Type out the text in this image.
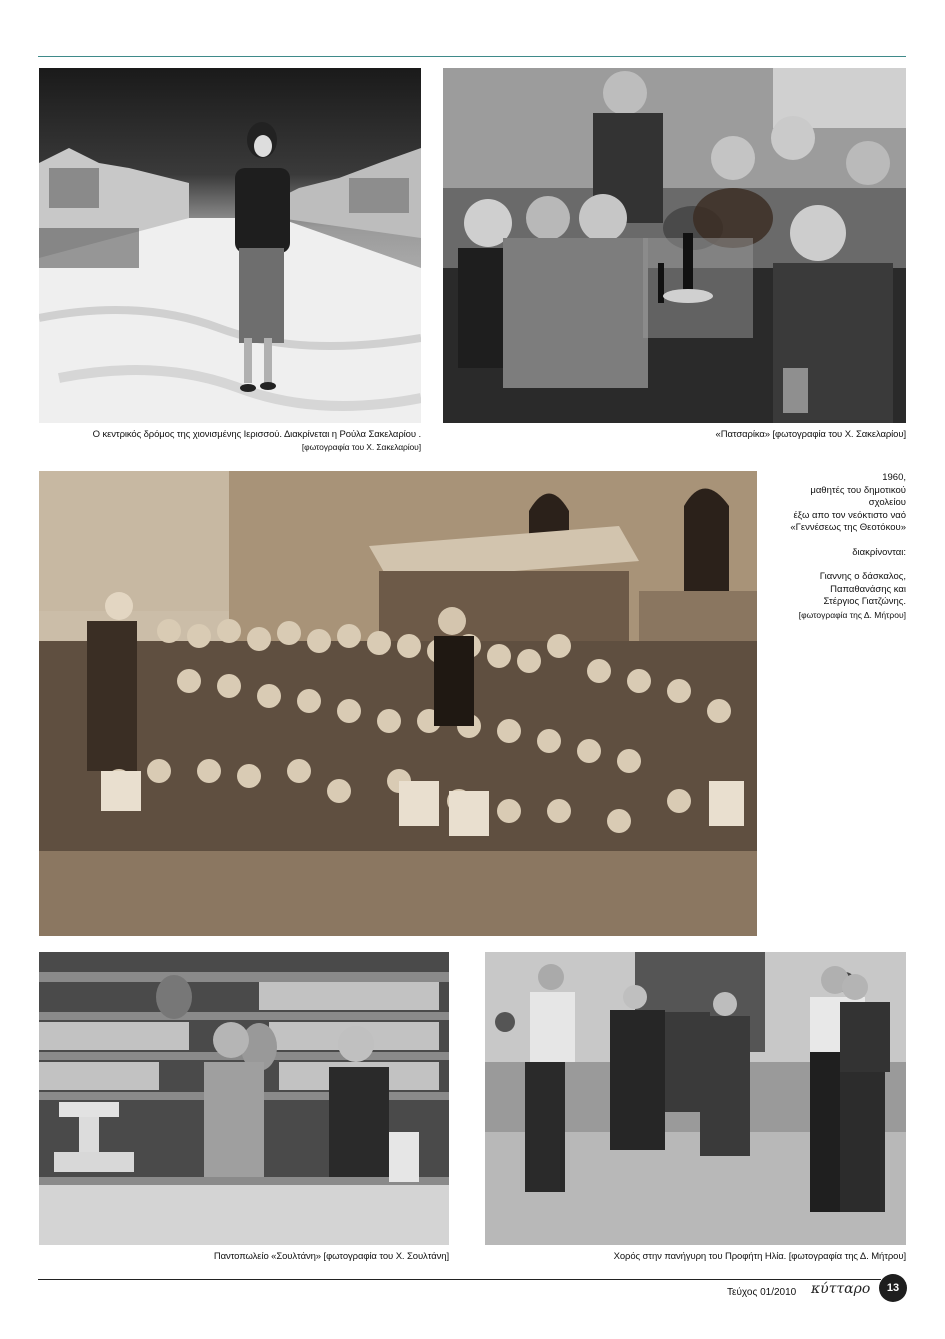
Ο κεντρικός δρόμος της χιονισμένης Ιερισσού. Διακρίνεται η Ρούλα Σακελαρίου .
[φωτογραφία του Χ. Σακελαρίου]
«Πατσαρίκα» [φωτογραφία του Χ. Σακελαρίου]

1960,

μαθητές του δημοτικού

σχολείου

έξω απο τον νεόκτιστο ναό

«Γεννέσεως της Θεοτόκου»

διακρίνονται:

Γιαννης ο δάσκαλος,

Παπαθανάσης και

Στέργιος Γιατζώνης.

[φωτογραφία της Δ. Μήτρου]

Παντοπωλείο «Σουλτάνη» [φωτογραφία του Χ. Σουλτάνη]	Χορός στην πανήγυρη του Προφήτη Ηλία. [φωτογραφία της Δ. Μήτρου]
Τεύχος 01/2010 κύτταρο	13
